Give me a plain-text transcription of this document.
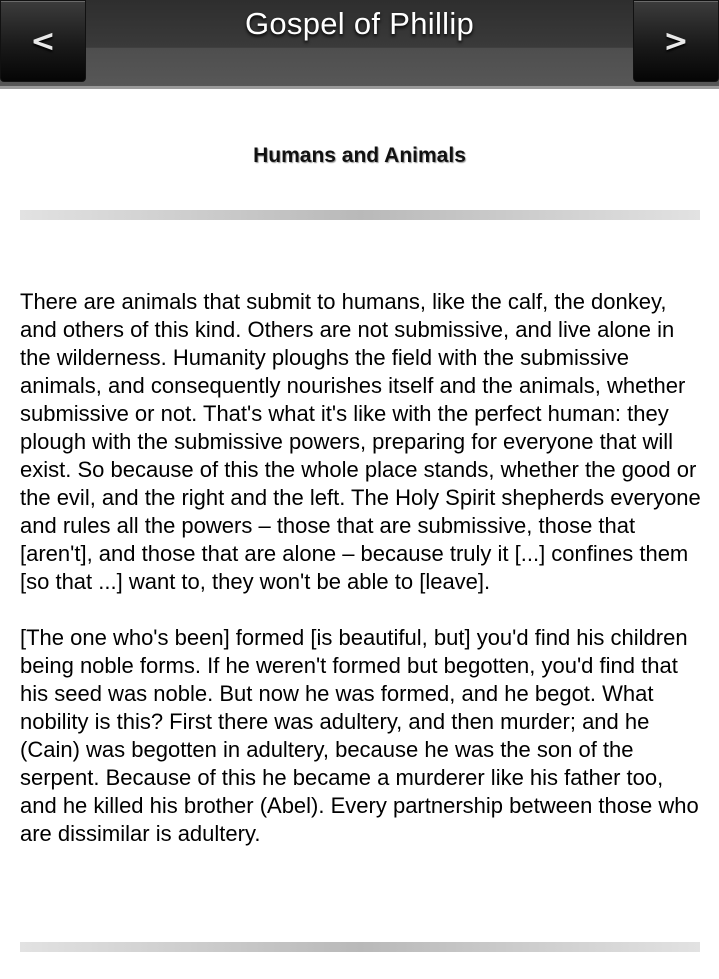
<
Gospel of Phillip
>
Humans and Animals

There are animals that submit to humans, like the calf, the donkey, and others of this kind. Others are not submissive, and live alone in the wilderness. Humanity ploughs the field with the submissive animals, and consequently nourishes itself and the animals, whether submissive or not. That's what it's like with the perfect human: they plough with the submissive powers, preparing for everyone that will exist. So because of this the whole place stands, whether the good or the evil, and the right and the left. The Holy Spirit shepherds everyone and rules all the powers – those that are submissive, those that [aren't], and those that are alone – because truly it [...] confines them [so that ...] want to, they won't be able to [leave].

[The one who's been] formed [is beautiful, but] you'd find his children being noble forms. If he weren't formed but begotten, you'd find that his seed was noble. But now he was formed, and he begot. What nobility is this? First there was adultery, and then murder; and he (Cain) was begotten in adultery, because he was the son of the serpent. Because of this he became a murderer like his father too, and he killed his brother (Abel). Every partnership between those who are dissimilar is adultery.
